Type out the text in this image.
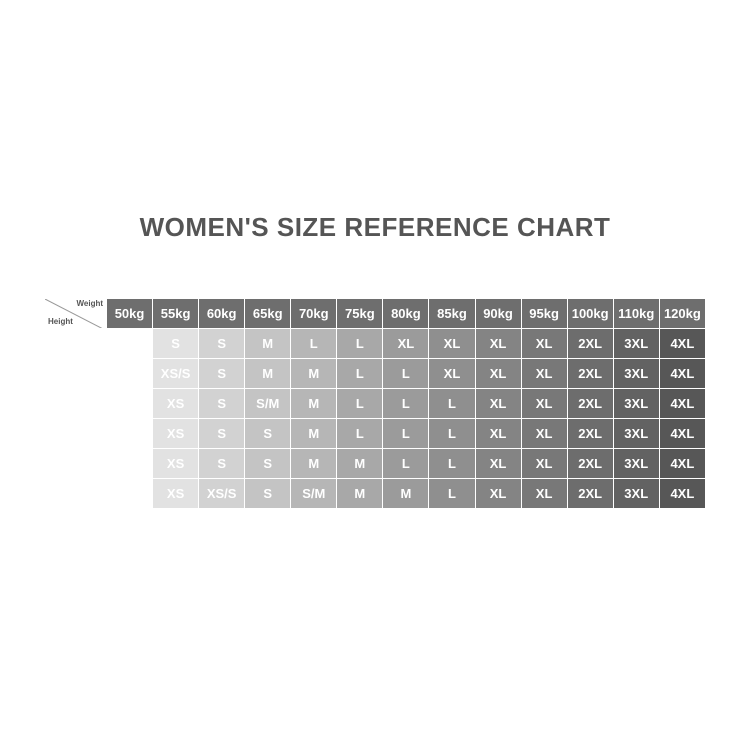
WOMEN'S SIZE REFERENCE CHART
Weight
Height	50kg	55kg	60kg	65kg	70kg	75kg	80kg	85kg	90kg	95kg	100kg	110kg	120kg
1.50m	XS	S	S	M	L	L	XL	XL	XL	XL	2XL	3XL	4XL
1.55m	XS	XS/S	S	M	M	L	L	XL	XL	XL	2XL	3XL	4XL
1.60m	XS	XS	S	S/M	M	L	L	L	XL	XL	2XL	3XL	4XL
1.65m	XS	XS	S	S	M	L	L	L	XL	XL	2XL	3XL	4XL
1.70m	XS	XS	S	S	M	M	L	L	XL	XL	2XL	3XL	4XL
1.75m	XS	XS	XS/S	S	S/M	M	M	L	XL	XL	2XL	3XL	4XL
